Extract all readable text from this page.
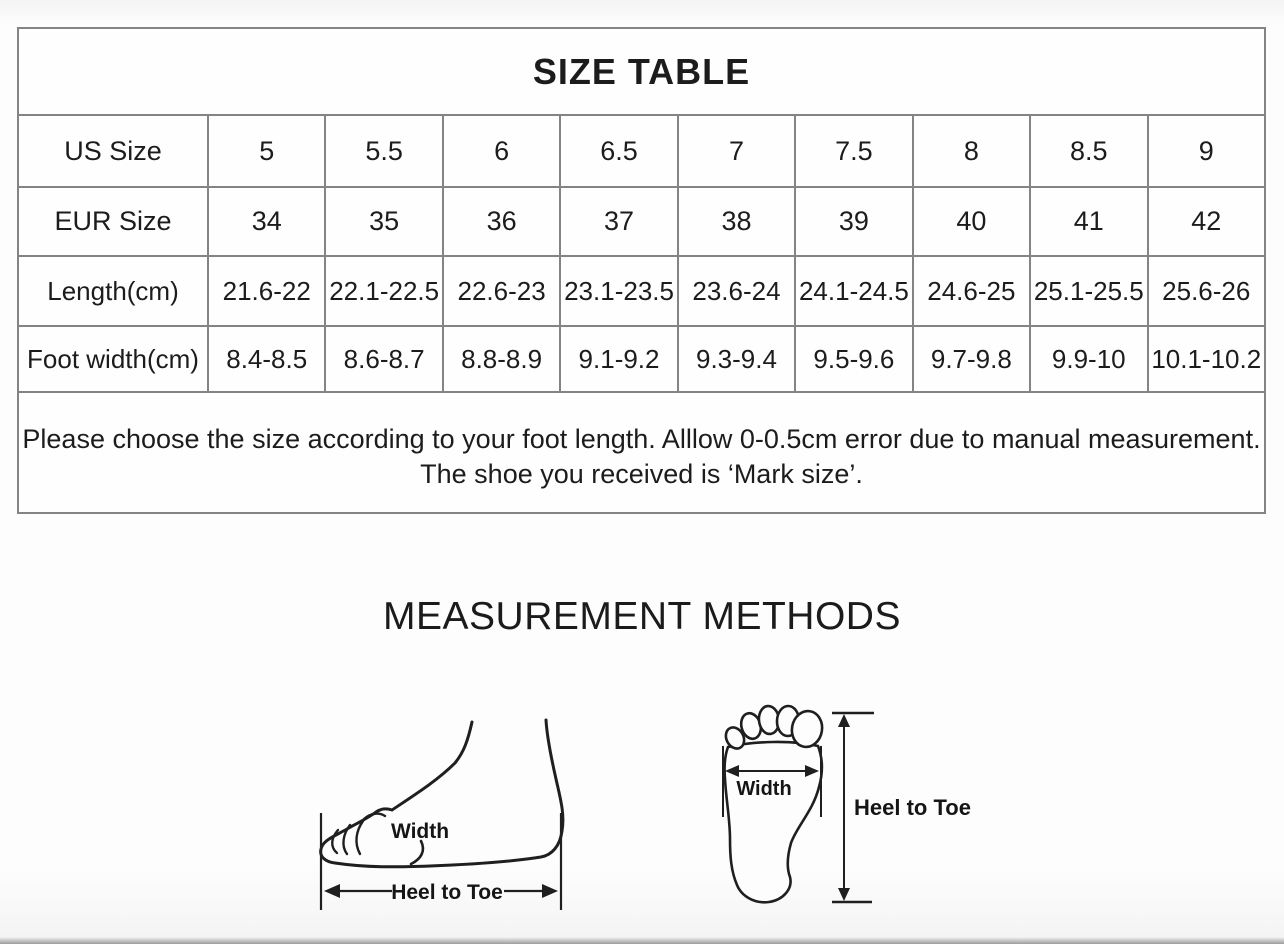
SIZE TABLE									
US Size	5	5.5	6	6.5	7	7.5	8	8.5	9
EUR Size	34	35	36	37	38	39	40	41	42
Length(cm)	21.6-22	22.1-22.5	22.6-23	23.1-23.5	23.6-24	24.1-24.5	24.6-25	25.1-25.5	25.6-26
Foot width(cm)	8.4-8.5	8.6-8.7	8.8-8.9	9.1-9.2	9.3-9.4	9.5-9.6	9.7-9.8	9.9-10	10.1-10.2

Please choose the size according to your foot length. Alllow 0-0.5cm error due to manual measurement.
The shoe you received is ‘Mark size’.									
MEASUREMENT METHODS
Width
Heel to Toe
Width
Heel to Toe
